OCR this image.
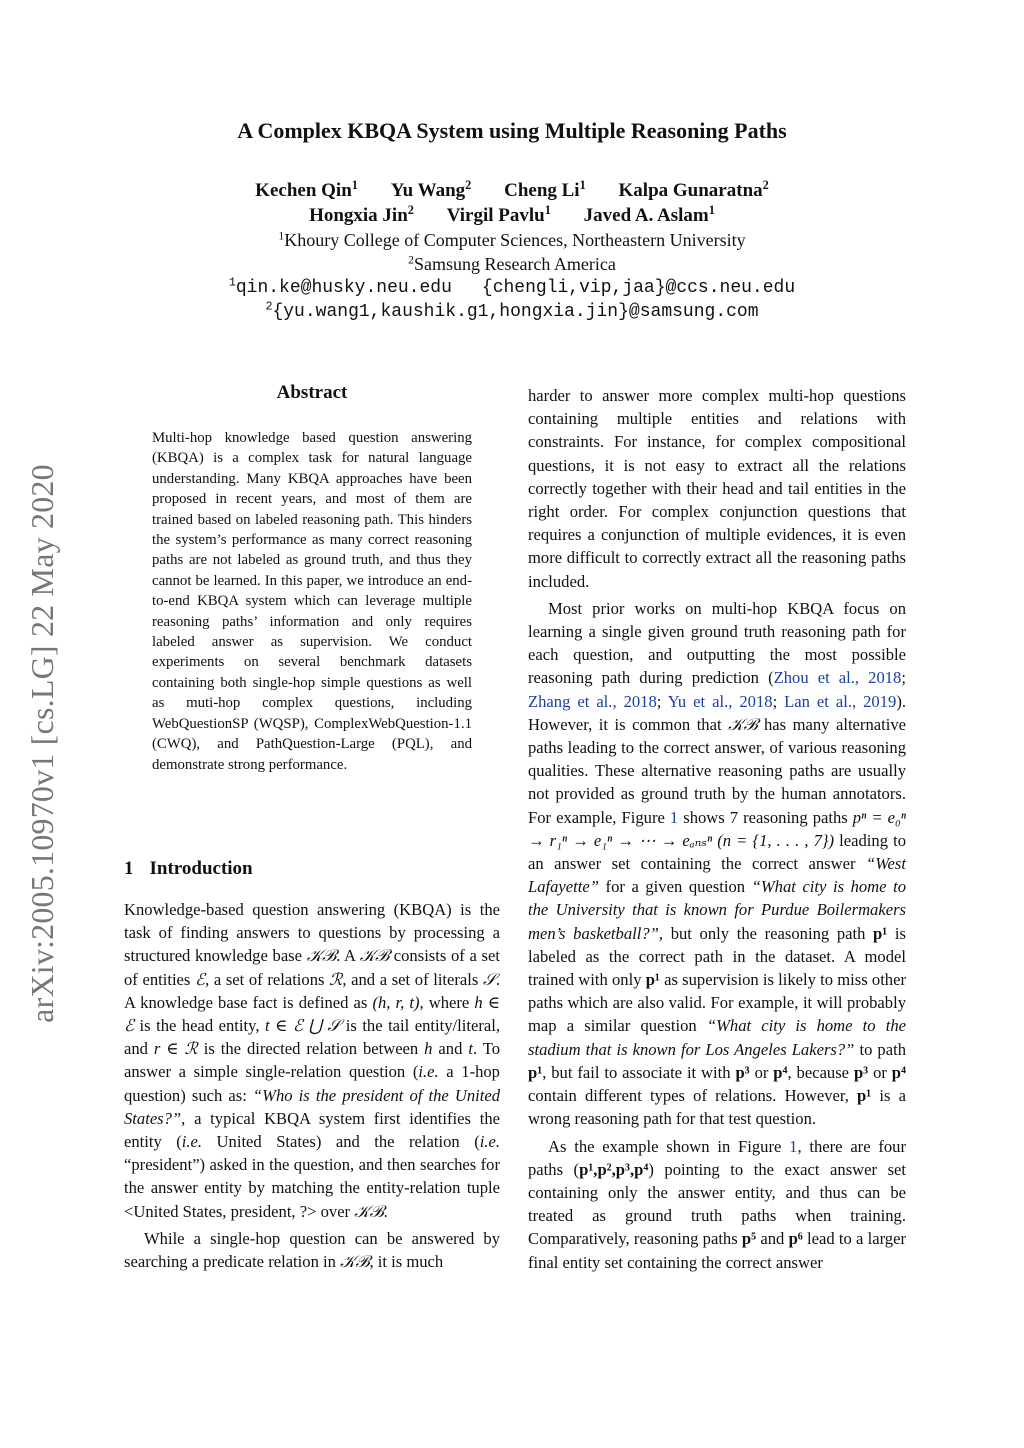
arXiv:2005.10970v1 [cs.LG] 22 May 2020
A Complex KBQA System using Multiple Reasoning Paths
Kechen Qin$^1$ Yu Wang$^2$ Cheng Li$^1$ Kalpa Gunaratna$^2$
Hongxia Jin$^2$ Virgil Pavlu$^1$ Javed A. Aslam$^1$
$^1$Khoury College of Computer Sciences, Northeastern University
$^2$Samsung Research America
$^1$qin.ke@husky.neu.edu {chengli,vip,jaa}@ccs.neu.edu
$^2${yu.wang1,kaushik.g1,hongxia.jin}@samsung.com
Abstract
Multi-hop knowledge based question answering (KBQA) is a complex task for natural language understanding. Many KBQA approaches have been proposed in recent years, and most of them are trained based on labeled reasoning path. This hinders the system’s performance as many correct reasoning paths are not labeled as ground truth, and thus they cannot be learned. In this paper, we introduce an end-to-end KBQA system which can leverage multiple reasoning paths’ information and only requires labeled answer as supervision. We conduct experiments on several benchmark datasets containing both single-hop simple questions as well as muti-hop complex questions, including WebQuestionSP (WQSP), ComplexWebQuestion-1.1 (CWQ), and PathQuestion-Large (PQL), and demonstrate strong performance.
1 Introduction

Knowledge-based question answering (KBQA) is the task of finding answers to questions by processing a structured knowledge base 𝒦ℬ. A 𝒦ℬ consists of a set of entities ℰ, a set of relations ℛ, and a set of literals 𝒮. A knowledge base fact is defined as (h, r, t), where h ∈ ℰ is the head entity, t ∈ ℰ ⋃ 𝒮 is the tail entity/literal, and r ∈ ℛ is the directed relation between h and t. To answer a simple single-relation question (i.e. a 1-hop question) such as: “Who is the president of the United States?”, a typical KBQA system first identifies the entity (i.e. United States) and the relation (i.e. “president”) asked in the question, and then searches for the answer entity by matching the entity-relation tuple <United States, president, ?> over 𝒦ℬ.

While a single-hop question can be answered by searching a predicate relation in 𝒦ℬ, it is much

harder to answer more complex multi-hop questions containing multiple entities and relations with constraints. For instance, for complex compositional questions, it is not easy to extract all the relations correctly together with their head and tail entities in the right order. For complex conjunction questions that requires a conjunction of multiple evidences, it is even more difficult to correctly extract all the reasoning paths included.

Most prior works on multi-hop KBQA focus on learning a single given ground truth reasoning path for each question, and outputting the most possible reasoning path during prediction (Zhou et al., 2018; Zhang et al., 2018; Yu et al., 2018; Lan et al., 2019). However, it is common that 𝒦ℬ has many alternative paths leading to the correct answer, of various reasoning qualities. These alternative reasoning paths are usually not provided as ground truth by the human annotators. For example, Figure 1 shows 7 reasoning paths pⁿ = e₀ⁿ → r₁ⁿ → e₁ⁿ → ⋯ → eₐₙₛⁿ (n = {1, . . . , 7}) leading to an answer set containing the correct answer “West Lafayette” for a given question “What city is home to the University that is known for Purdue Boilermakers men’s basketball?”, but only the reasoning path p¹ is labeled as the correct path in the dataset. A model trained with only p¹ as supervision is likely to miss other paths which are also valid. For example, it will probably map a similar question “What city is home to the stadium that is known for Los Angeles Lakers?” to path p¹, but fail to associate it with p³ or p⁴, because p³ or p⁴ contain different types of relations. However, p¹ is a wrong reasoning path for that test question.

As the example shown in Figure 1, there are four paths (p¹,p²,p³,p⁴) pointing to the exact answer set containing only the answer entity, and thus can be treated as ground truth paths when training. Comparatively, reasoning paths p⁵ and p⁶ lead to a larger final entity set containing the correct answer
